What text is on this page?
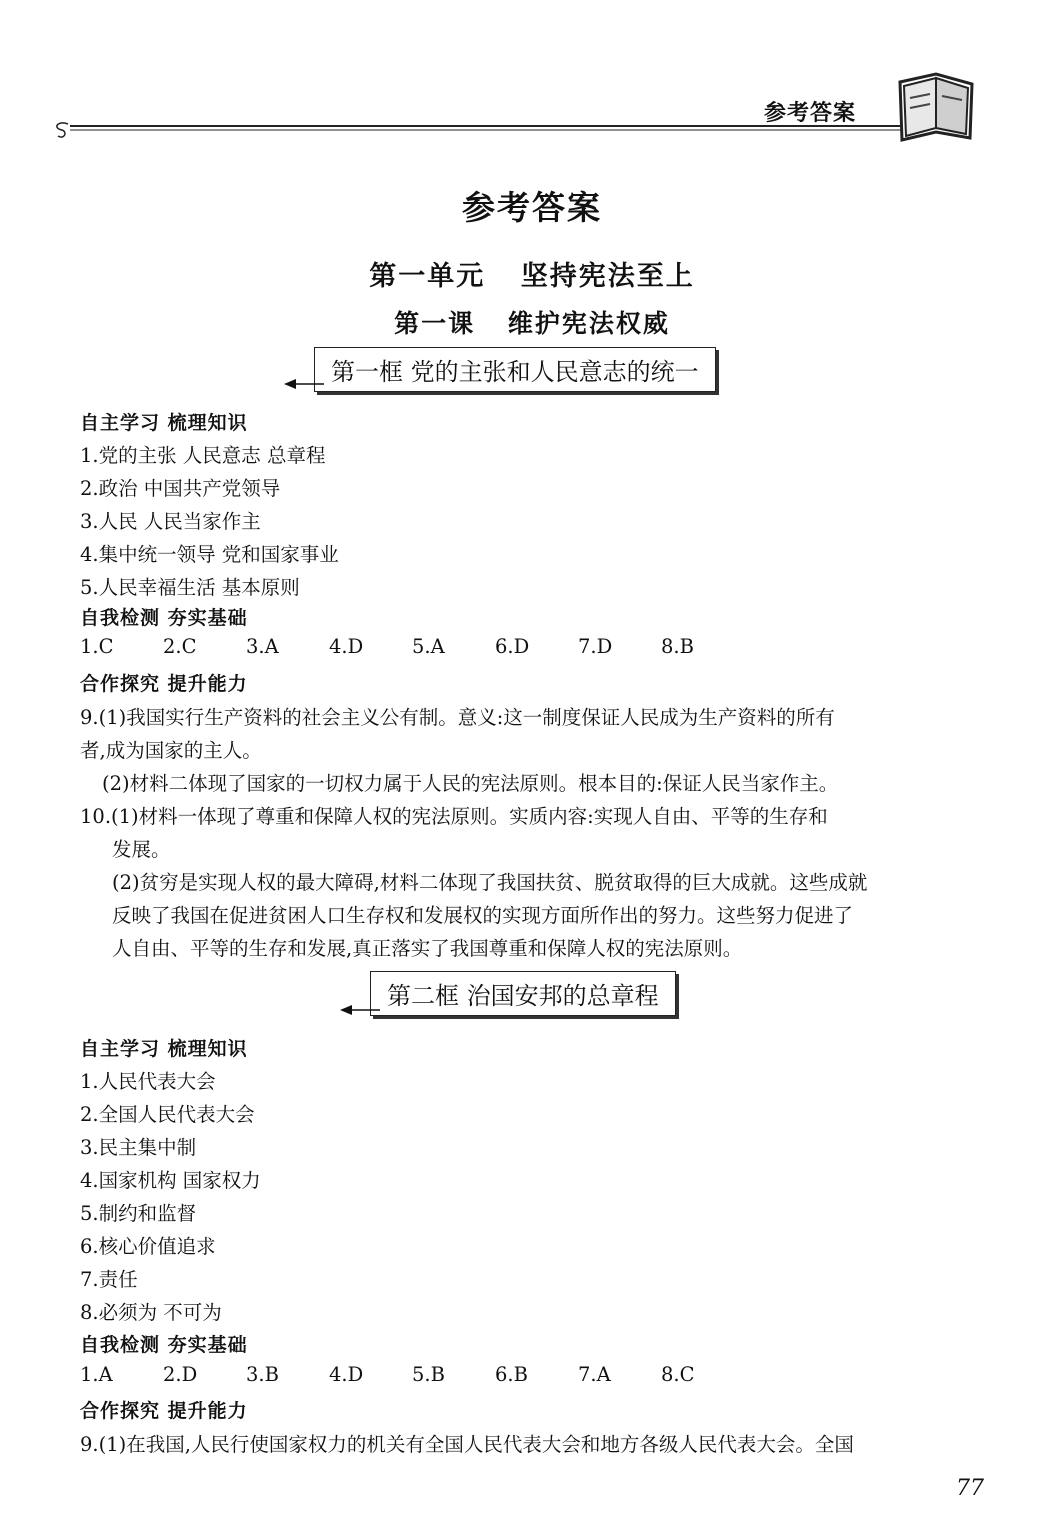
参考答案
参考答案
第一单元 坚持宪法至上
第一课 维护宪法权威
第一框 党的主张和人民意志的统一
自主学习 梳理知识
1.党的主张 人民意志 总章程
2.政治 中国共产党领导
3.人民 人民当家作主
4.集中统一领导 党和国家事业
5.人民幸福生活 基本原则
自我检测 夯实基础
1.C	2.C	3.A	4.D	5.A	6.D	7.D	8.B
合作探究 提升能力
9.(1)我国实行生产资料的社会主义公有制。意义:这一制度保证人民成为生产资料的所有
者,成为国家的主人。
(2)材料二体现了国家的一切权力属于人民的宪法原则。根本目的:保证人民当家作主。
10.(1)材料一体现了尊重和保障人权的宪法原则。实质内容:实现人自由、平等的生存和
发展。
(2)贫穷是实现人权的最大障碍,材料二体现了我国扶贫、脱贫取得的巨大成就。这些成就
反映了我国在促进贫困人口生存权和发展权的实现方面所作出的努力。这些努力促进了
人自由、平等的生存和发展,真正落实了我国尊重和保障人权的宪法原则。
第二框 治国安邦的总章程
自主学习 梳理知识
1.人民代表大会
2.全国人民代表大会
3.民主集中制
4.国家机构 国家权力
5.制约和监督
6.核心价值追求
7.责任
8.必须为 不可为
自我检测 夯实基础
1.A	2.D	3.B	4.D	5.B	6.B	7.A	8.C
合作探究 提升能力
9.(1)在我国,人民行使国家权力的机关有全国人民代表大会和地方各级人民代表大会。全国
77
